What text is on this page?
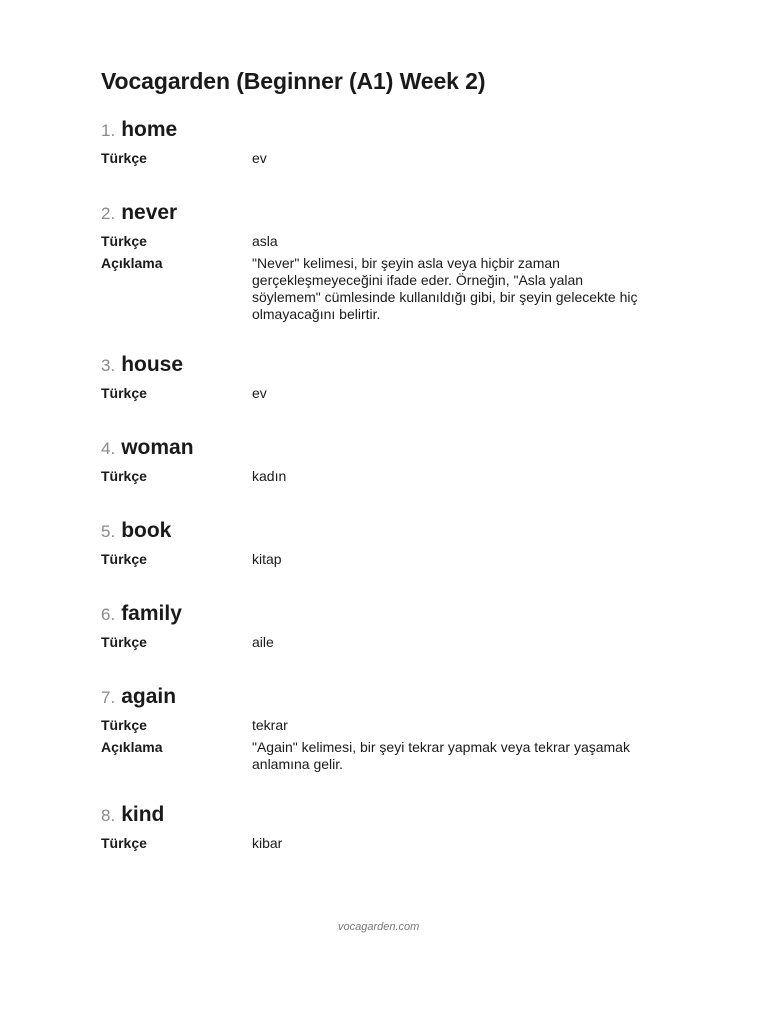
Vocagarden (Beginner (A1) Week 2)
1. home
Türkçe	ev
2. never
Türkçe	asla
Açıklama	"Never" kelimesi, bir şeyin asla veya hiçbir zaman gerçekleşmeyeceğini ifade eder. Örneğin, "Asla yalan söylemem" cümlesinde kullanıldığı gibi, bir şeyin gelecekte hiç olmayacağını belirtir.
3. house
Türkçe	ev
4. woman
Türkçe	kadın
5. book
Türkçe	kitap
6. family
Türkçe	aile
7. again
Türkçe	tekrar
Açıklama	"Again" kelimesi, bir şeyi tekrar yapmak veya tekrar yaşamak anlamına gelir.
8. kind
Türkçe	kibar
vocagarden.com
